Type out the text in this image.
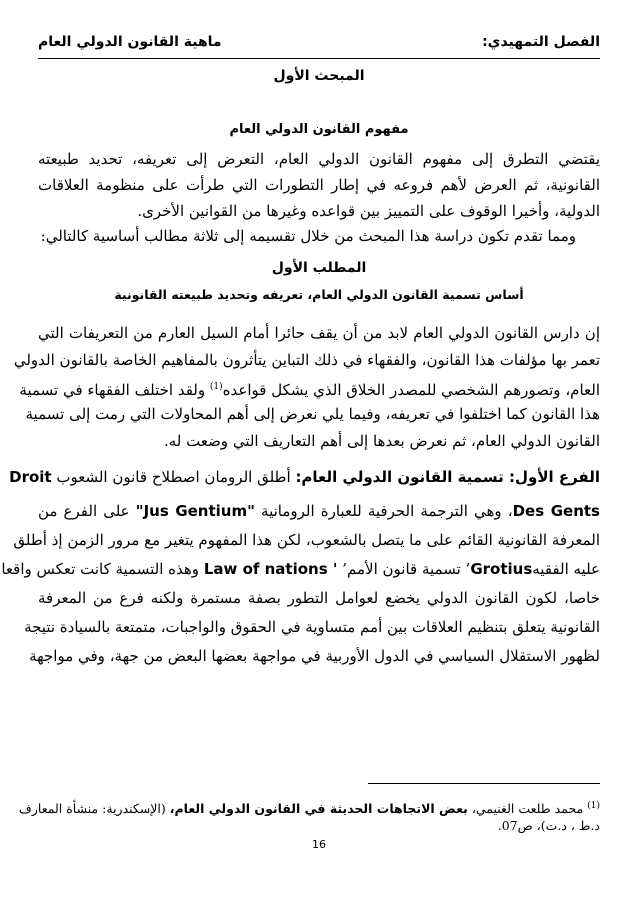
الفصل التمهيدي:
ماهية القانون الدولي العام
المبحث الأول
مفهوم القانون الدولي العام
يقتضي التطرق إلى مفهوم القانون الدولي العام، التعرض إلى تعريفه، تحديد طبيعته
القانونية، ثم العرض لأهم فروعه في إطار التطورات التي طرأت على منظومة العلاقات
الدولية، وأخيرا الوقوف على التمييز بين قواعده وغيرها من القوانين الأخرى.
ومما تقدم تكون دراسة هذا المبحث من خلال تقسيمه إلى ثلاثة مطالب أساسية كالتالي:
المطلب الأول
أساس تسمية القانون الدولي العام، تعريفه وتحديد طبيعته القانونية
إن دارس القانون الدولي العام لابد من أن يقف حائرا أمام السيل العارم من التعريفات التي
تعمر بها مؤلفات هذا القانون، والفقهاء في ذلك التباين يتأثرون بالمفاهيم الخاصة بالقانون الدولي
العام، وتصورهم الشخصي للمصدر الخلاق الذي يشكل قواعده$^{(1)}$ ولقد اختلف الفقهاء في تسمية
هذا القانون كما اختلفوا في تعريفه، وفيما يلي نعرض إلى أهم المحاولات التي رمت إلى تسمية
القانون الدولي العام، ثم نعرض بعدها إلى أهم التعاريف التي وضعت له.
الفرع الأول: تسمية القانون الدولي العام: أطلق الرومان اصطلاح قانون الشعوب Droit
Des Gents، وهي الترجمة الحرفية للعبارة الرومانية "Jus Gentium" على الفرع من
المعرفة القانونية القائم على ما يتصل بالشعوب، لكن هذا المفهوم يتغير مع مرور الزمن إذ أطلق
عليه الفقيهGrotius’ تسمية قانون الأمم’ ' Law of nations وهذه التسمية كانت تعكس واقعا
خاصا، لكون القانون الدولي يخضع لعوامل التطور بصفة مستمرة ولكنه فرع من المعرفة
القانونية يتعلق بتنظيم العلاقات بين أمم متساوية في الحقوق والواجبات، متمتعة بالسيادة نتيجة
لظهور الاستقلال السياسي في الدول الأوربية في مواجهة بعضها البعض من جهة، وفي مواجهة
$^{(1)}$ محمد طلعت الغنيمي، بعض الاتجاهات الحديثة في القانون الدولي العام، (الإسكندرية: منشأة المعارف
د.ط ، د.ت)، ص07.
16
